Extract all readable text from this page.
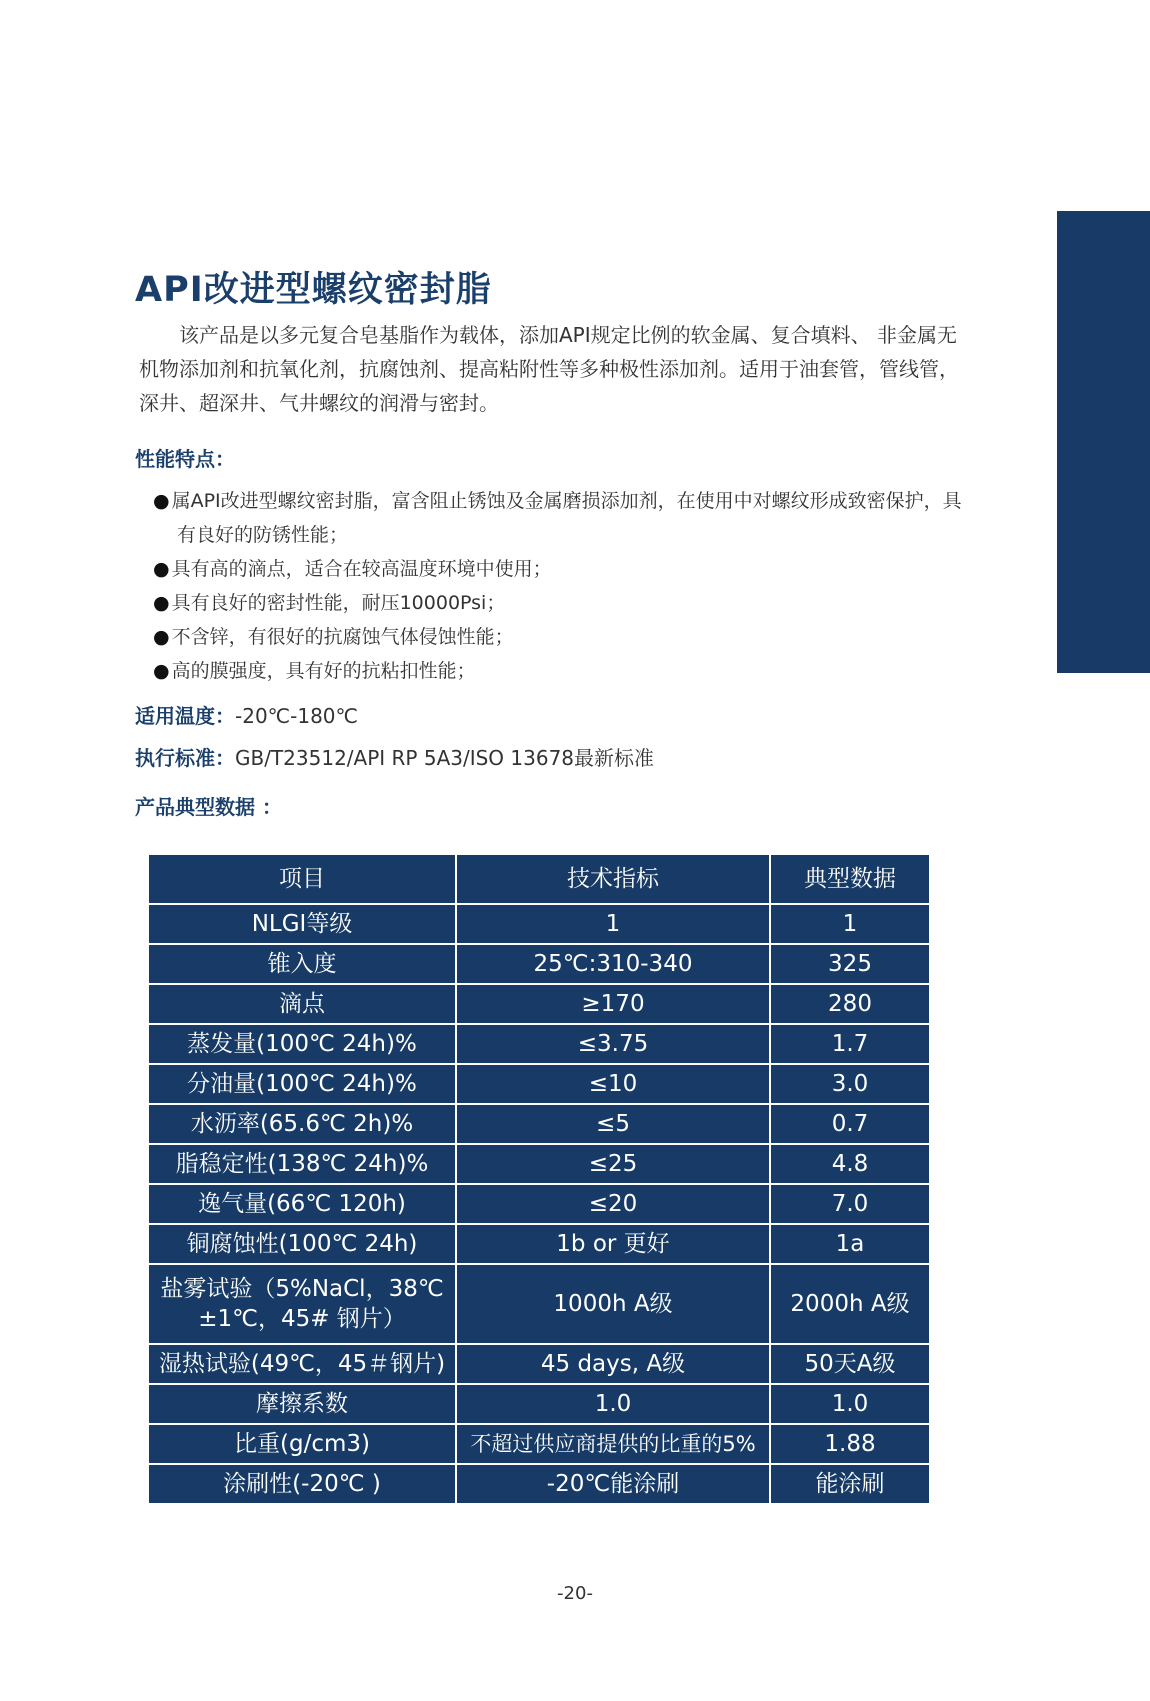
API改进型螺纹密封脂

该产品是以多元复合皂基脂作为载体，添加API规定比例的软金属、复合填料、 非金属无机物添加剂和抗氧化剂，抗腐蚀剂、提高粘附性等多种极性添加剂。适用于油套管，管线管，深井、超深井、气井螺纹的润滑与密封。

性能特点：
● 属API改进型螺纹密封脂，富含阻止锈蚀及金属磨损添加剂，在使用中对螺纹形成致密保护，具有良好的防锈性能；
● 具有高的滴点，适合在较高温度环境中使用；
● 具有良好的密封性能，耐压10000Psi；
● 不含锌，有很好的抗腐蚀气体侵蚀性能；
● 高的膜强度，具有好的抗粘扣性能；

适用温度：-20℃-180℃

执行标准：GB/T23512/API RP 5A3/ISO 13678最新标准

产品典型数据 ：
项目	技术指标	典型数据
NLGI等级	1	1
锥入度	25℃:310-340	325
滴点	≥170	280
蒸发量(100℃ 24h)%	≤3.75	1.7
分油量(100℃ 24h)%	≤10	3.0
水沥率(65.6℃ 2h)%	≤5	0.7
脂稳定性(138℃ 24h)%	≤25	4.8
逸气量(66℃ 120h)	≤20	7.0
铜腐蚀性(100℃ 24h)	1b or 更好	1a
盐雾试验（5%NaCl，38℃±1℃，45# 钢片）	1000h A级	2000h A级
湿热试验(49℃，45＃钢片)	45 days, A级	50天A级
摩擦系数	1.0	1.0
比重(g/cm3)	不超过供应商提供的比重的5%	1.88
涂刷性(-20℃ )	-20℃能涂刷	能涂刷
-20-
